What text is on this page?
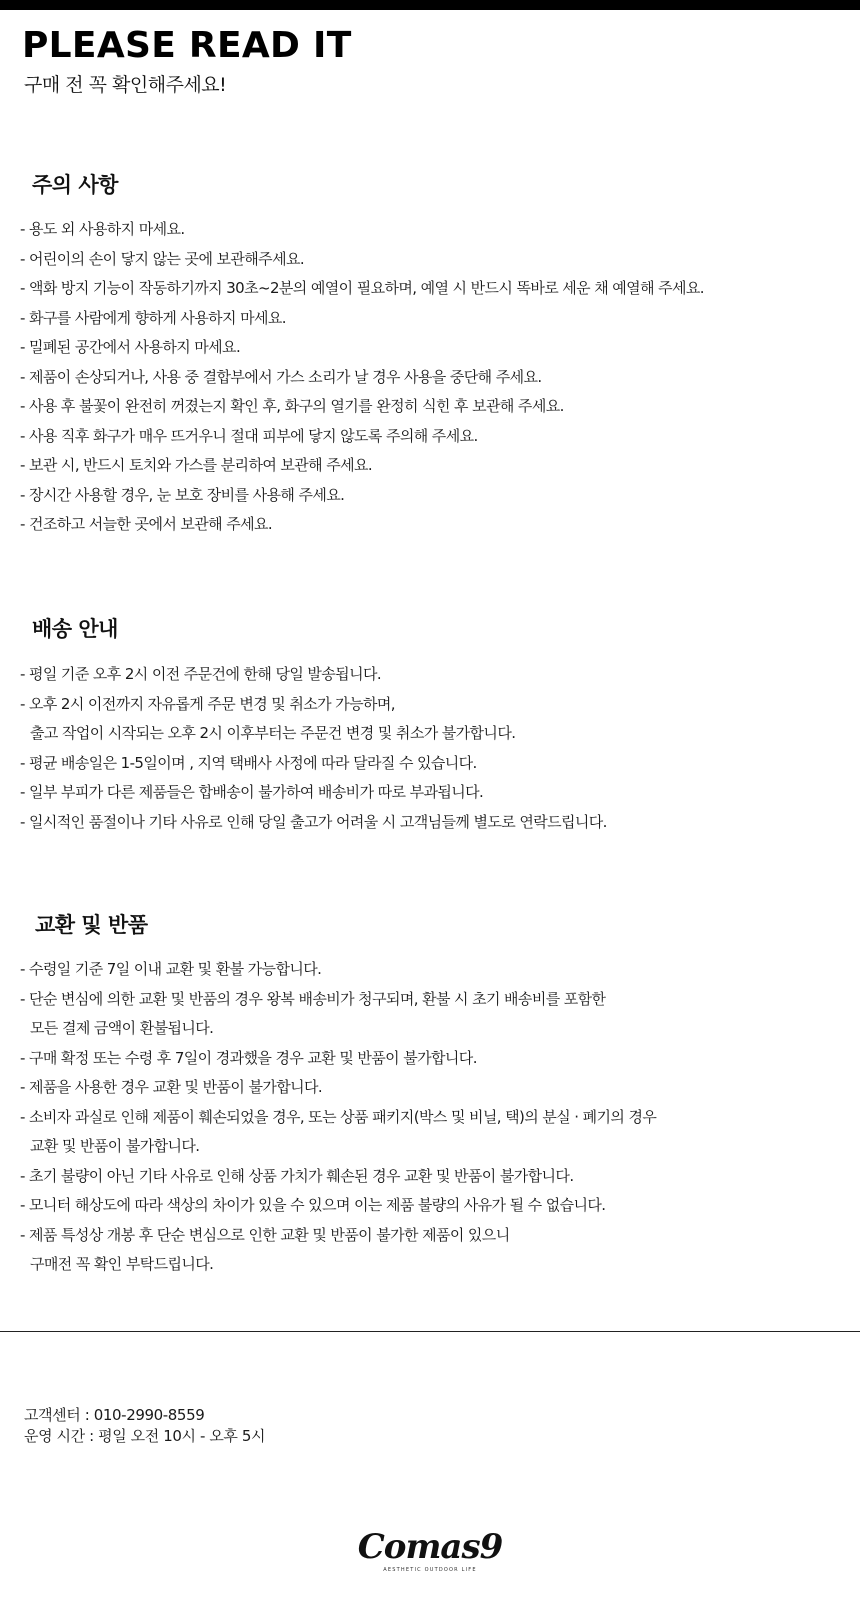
PLEASE READ IT

구매 전 꼭 확인해주세요!

주의 사항
- 용도 외 사용하지 마세요.
- 어린이의 손이 닿지 않는 곳에 보관해주세요.
- 액화 방지 기능이 작동하기까지 30초~2분의 예열이 필요하며, 예열 시 반드시 똑바로 세운 채 예열해 주세요.
- 화구를 사람에게 향하게 사용하지 마세요.
- 밀폐된 공간에서 사용하지 마세요.
- 제품이 손상되거나, 사용 중 결합부에서 가스 소리가 날 경우 사용을 중단해 주세요.
- 사용 후 불꽃이 완전히 꺼졌는지 확인 후, 화구의 열기를 완정히 식힌 후 보관해 주세요.
- 사용 직후 화구가 매우 뜨거우니 절대 피부에 닿지 않도록 주의해 주세요.
- 보관 시, 반드시 토치와 가스를 분리하여 보관해 주세요.
- 장시간 사용할 경우, 눈 보호 장비를 사용해 주세요.
- 건조하고 서늘한 곳에서 보관해 주세요.
배송 안내
- 평일 기준 오후 2시 이전 주문건에 한해 당일 발송됩니다.
- 오후 2시 이전까지 자유롭게 주문 변경 및 취소가 가능하며,
출고 작업이 시작되는 오후 2시 이후부터는 주문건 변경 및 취소가 불가합니다.
- 평균 배송일은 1-5일이며 , 지역 택배사 사정에 따라 달라질 수 있습니다.
- 일부 부피가 다른 제품들은 합배송이 불가하여 배송비가 따로 부과됩니다.
- 일시적인 품절이나 기타 사유로 인해 당일 출고가 어려울 시 고객님들께 별도로 연락드립니다.
교환 및 반품
- 수령일 기준 7일 이내 교환 및 환불 가능합니다.
- 단순 변심에 의한 교환 및 반품의 경우 왕복 배송비가 청구되며, 환불 시 초기 배송비를 포함한
모든 결제 금액이 환불됩니다.
- 구매 확정 또는 수령 후 7일이 경과했을 경우 교환 및 반품이 불가합니다.
- 제품을 사용한 경우 교환 및 반품이 불가합니다.
- 소비자 과실로 인해 제품이 훼손되었을 경우, 또는 상품 패키지(박스 및 비닐, 택)의 분실 · 폐기의 경우
교환 및 반품이 불가합니다.
- 초기 불량이 아닌 기타 사유로 인해 상품 가치가 훼손된 경우 교환 및 반품이 불가합니다.
- 모니터 해상도에 따라 색상의 차이가 있을 수 있으며 이는 제품 불량의 사유가 될 수 없습니다.
- 제품 특성상 개봉 후 단순 변심으로 인한 교환 및 반품이 불가한 제품이 있으니
구매전 꼭 확인 부탁드립니다.
고객센터 : 010-2990-8559
운영 시간 : 평일 오전 10시 - 오후 5시
Comas9
AESTHETIC OUTDOOR LIFE
